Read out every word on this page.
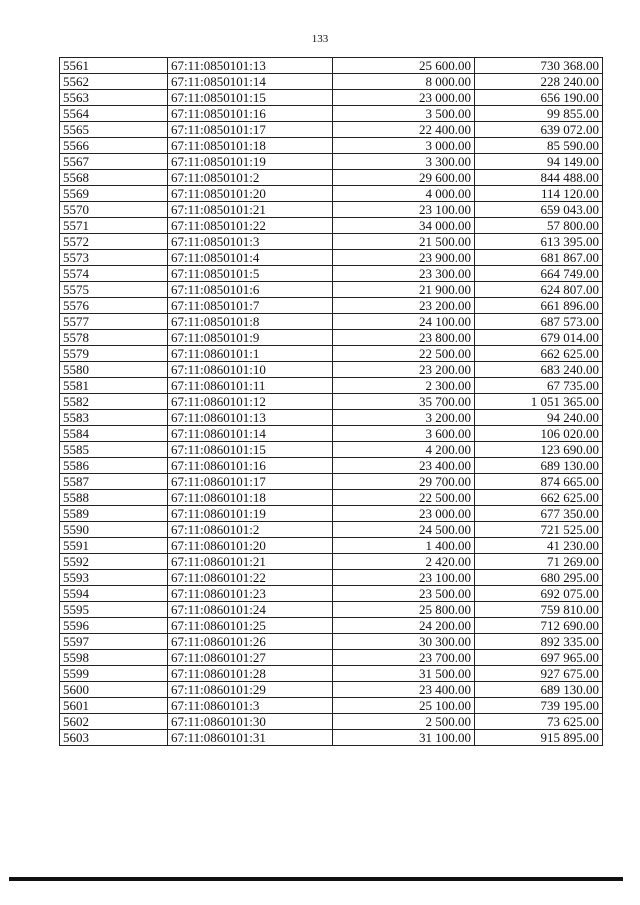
133
5561	67:11:0850101:13	25 600.00	730 368.00
5562	67:11:0850101:14	8 000.00	228 240.00
5563	67:11:0850101:15	23 000.00	656 190.00
5564	67:11:0850101:16	3 500.00	99 855.00
5565	67:11:0850101:17	22 400.00	639 072.00
5566	67:11:0850101:18	3 000.00	85 590.00
5567	67:11:0850101:19	3 300.00	94 149.00
5568	67:11:0850101:2	29 600.00	844 488.00
5569	67:11:0850101:20	4 000.00	114 120.00
5570	67:11:0850101:21	23 100.00	659 043.00
5571	67:11:0850101:22	34 000.00	57 800.00
5572	67:11:0850101:3	21 500.00	613 395.00
5573	67:11:0850101:4	23 900.00	681 867.00
5574	67:11:0850101:5	23 300.00	664 749.00
5575	67:11:0850101:6	21 900.00	624 807.00
5576	67:11:0850101:7	23 200.00	661 896.00
5577	67:11:0850101:8	24 100.00	687 573.00
5578	67:11:0850101:9	23 800.00	679 014.00
5579	67:11:0860101:1	22 500.00	662 625.00
5580	67:11:0860101:10	23 200.00	683 240.00
5581	67:11:0860101:11	2 300.00	67 735.00
5582	67:11:0860101:12	35 700.00	1 051 365.00
5583	67:11:0860101:13	3 200.00	94 240.00
5584	67:11:0860101:14	3 600.00	106 020.00
5585	67:11:0860101:15	4 200.00	123 690.00
5586	67:11:0860101:16	23 400.00	689 130.00
5587	67:11:0860101:17	29 700.00	874 665.00
5588	67:11:0860101:18	22 500.00	662 625.00
5589	67:11:0860101:19	23 000.00	677 350.00
5590	67:11:0860101:2	24 500.00	721 525.00
5591	67:11:0860101:20	1 400.00	41 230.00
5592	67:11:0860101:21	2 420.00	71 269.00
5593	67:11:0860101:22	23 100.00	680 295.00
5594	67:11:0860101:23	23 500.00	692 075.00
5595	67:11:0860101:24	25 800.00	759 810.00
5596	67:11:0860101:25	24 200.00	712 690.00
5597	67:11:0860101:26	30 300.00	892 335.00
5598	67:11:0860101:27	23 700.00	697 965.00
5599	67:11:0860101:28	31 500.00	927 675.00
5600	67:11:0860101:29	23 400.00	689 130.00
5601	67:11:0860101:3	25 100.00	739 195.00
5602	67:11:0860101:30	2 500.00	73 625.00
5603	67:11:0860101:31	31 100.00	915 895.00
